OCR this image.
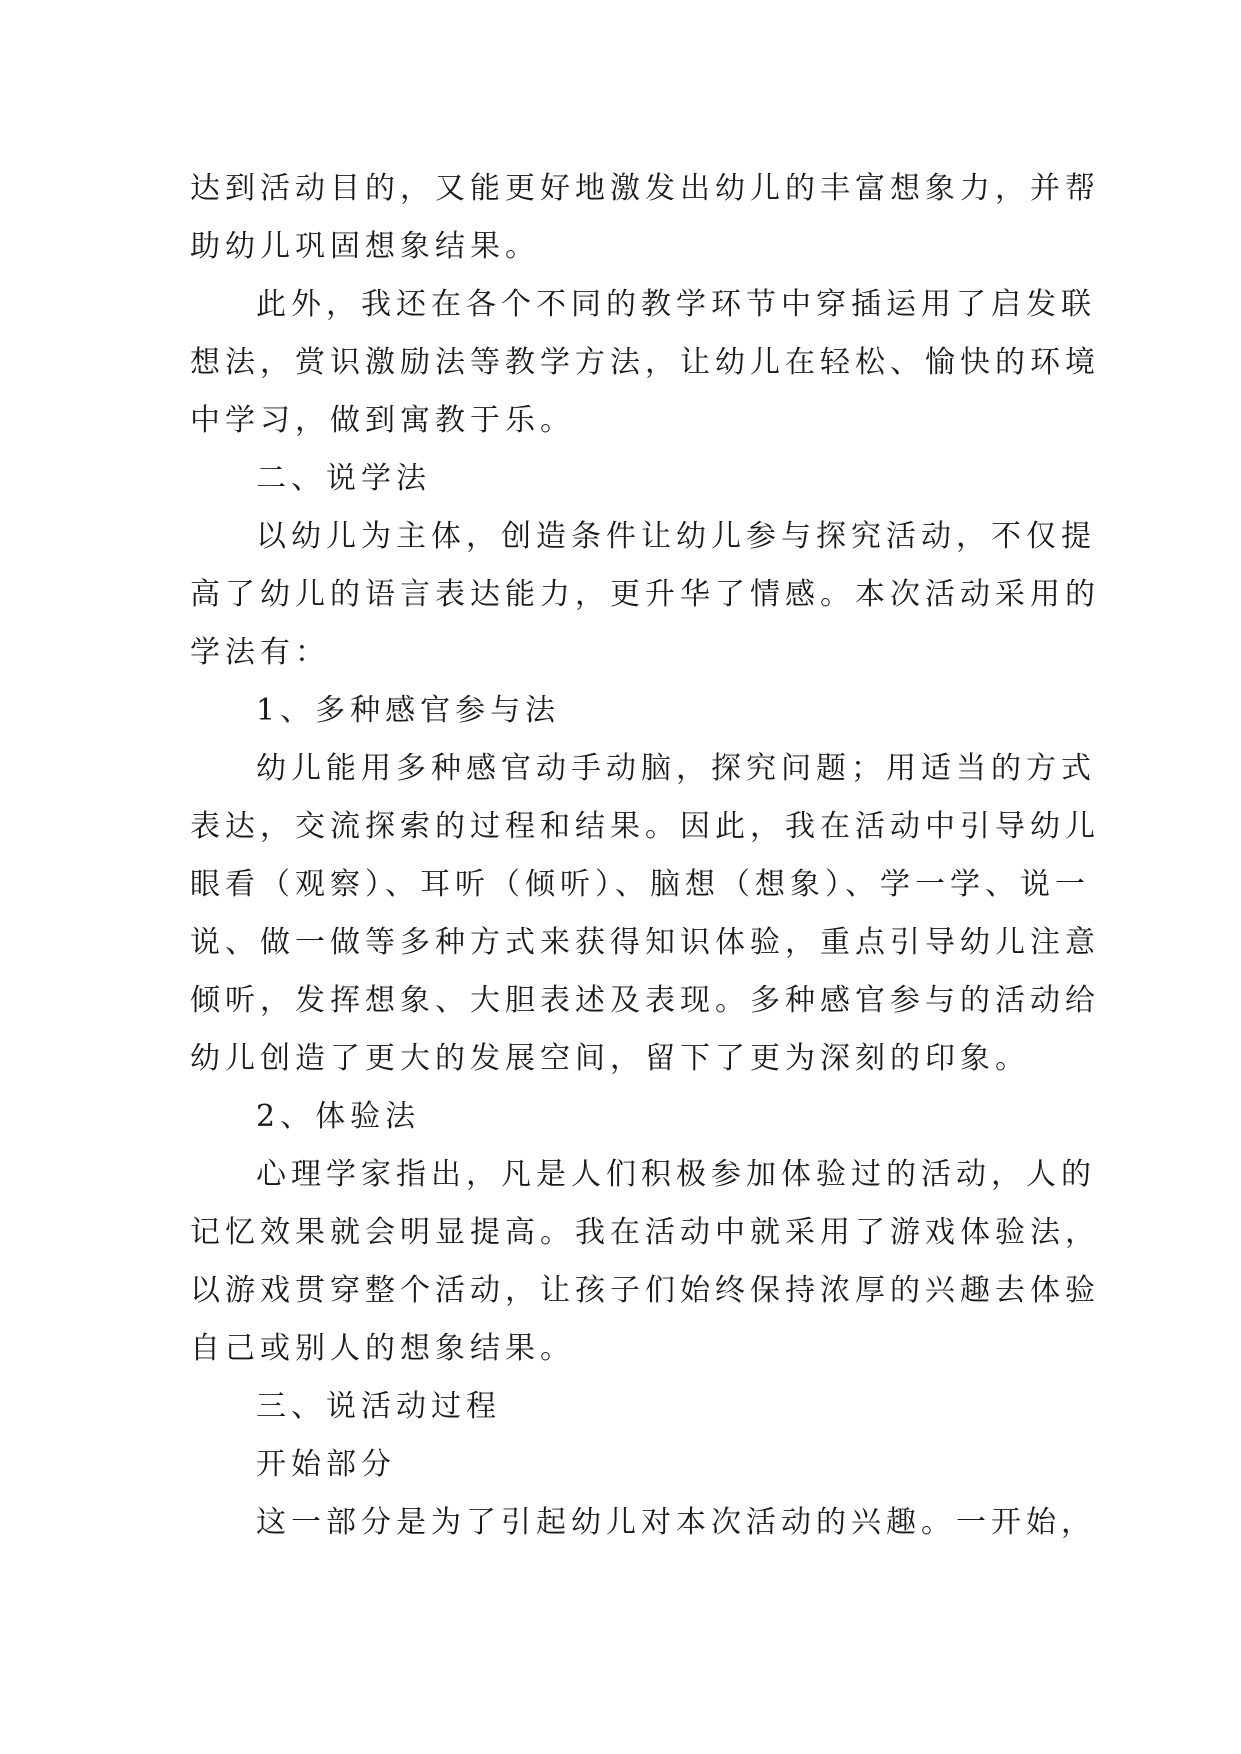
达到活动目的，又能更好地激发出幼儿的丰富想象力，并帮
助幼儿巩固想象结果。
此外，我还在各个不同的教学环节中穿插运用了启发联
想法，赏识激励法等教学方法，让幼儿在轻松、愉快的环境
中学习，做到寓教于乐。
二、说学法
以幼儿为主体，创造条件让幼儿参与探究活动，不仅提
高了幼儿的语言表达能力，更升华了情感。本次活动采用的
学法有：
1、多种感官参与法
幼儿能用多种感官动手动脑，探究问题；用适当的方式
表达，交流探索的过程和结果。因此，我在活动中引导幼儿
眼看（观察）、耳听（倾听）、脑想（想象）、学一学、说一
说、做一做等多种方式来获得知识体验，重点引导幼儿注意
倾听，发挥想象、大胆表述及表现。多种感官参与的活动给
幼儿创造了更大的发展空间，留下了更为深刻的印象。
2、体验法
心理学家指出，凡是人们积极参加体验过的活动，人的
记忆效果就会明显提高。我在活动中就采用了游戏体验法，
以游戏贯穿整个活动，让孩子们始终保持浓厚的兴趣去体验
自己或别人的想象结果。
三、说活动过程
开始部分
这一部分是为了引起幼儿对本次活动的兴趣。一开始，
